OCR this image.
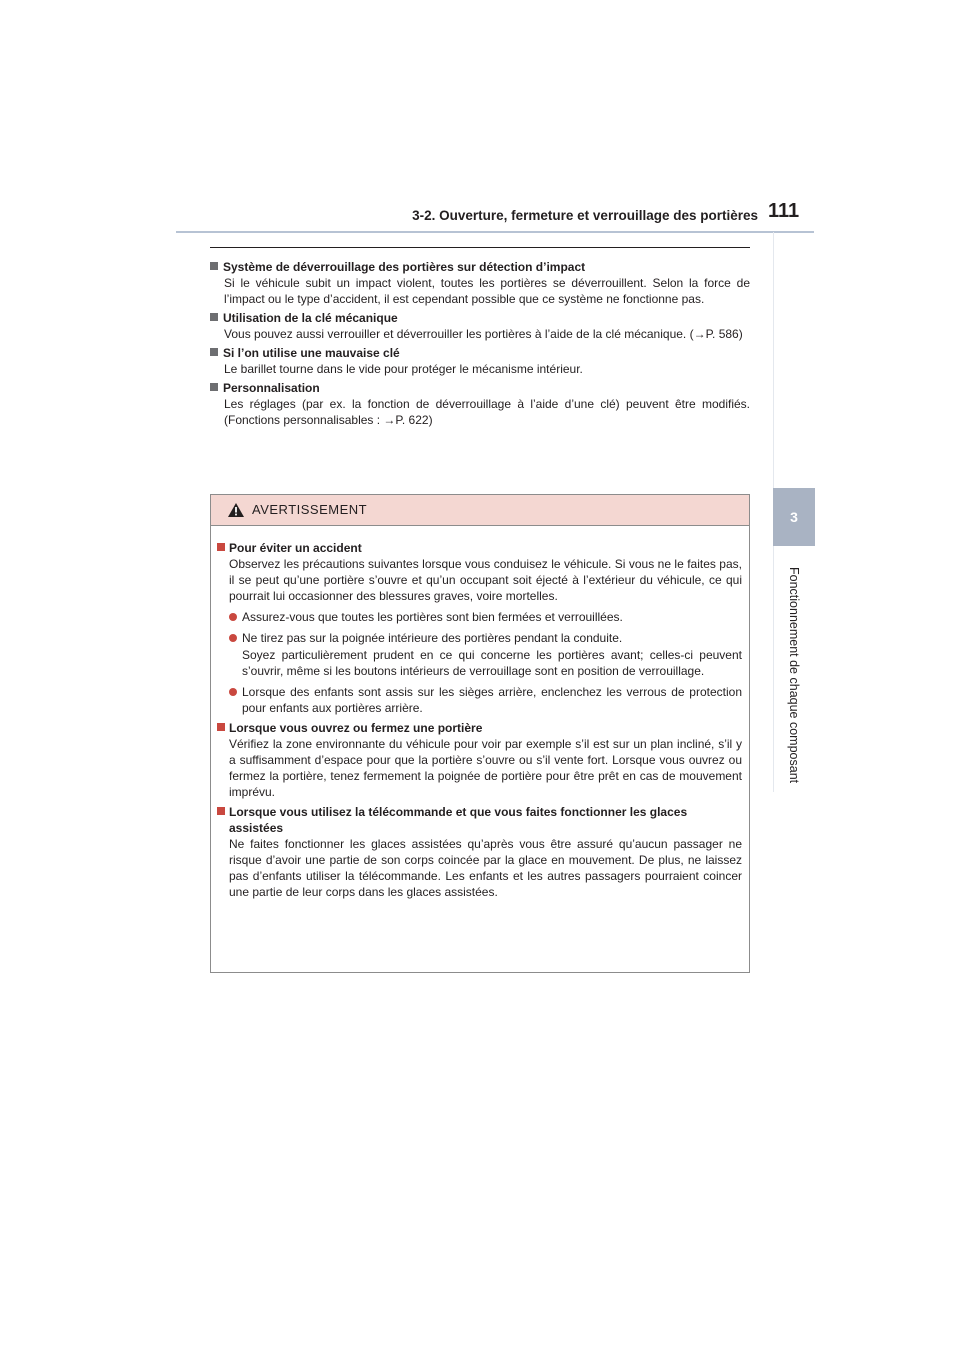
3-2. Ouverture, fermeture et verrouillage des portières 111
3
Fonctionnement de chaque composant
Système de déverrouillage des portières sur détection d’impact
Si le véhicule subit un impact violent, toutes les portières se déverrouillent. Selon la force de l’impact ou le type d’accident, il est cependant possible que ce système ne fonctionne pas.
Utilisation de la clé mécanique
Vous pouvez aussi verrouiller et déverrouiller les portières à l’aide de la clé mécanique. (→P. 586)
Si l’on utilise une mauvaise clé
Le barillet tourne dans le vide pour protéger le mécanisme intérieur.
Personnalisation
Les réglages (par ex. la fonction de déverrouillage à l’aide d’une clé) peuvent être modifiés. (Fonctions personnalisables : →P. 622)
AVERTISSEMENT
Pour éviter un accident
Observez les précautions suivantes lorsque vous conduisez le véhicule. Si vous ne le faites pas, il se peut qu’une portière s’ouvre et qu’un occupant soit éjecté à l’extérieur du véhicule, ce qui pourrait lui occasionner des blessures graves, voire mortelles.
Assurez-vous que toutes les portières sont bien fermées et verrouillées.
Ne tirez pas sur la poignée intérieure des portières pendant la conduite.
Soyez particulièrement prudent en ce qui concerne les portières avant; celles-ci peuvent s’ouvrir, même si les boutons intérieurs de verrouillage sont en position de verrouillage.
Lorsque des enfants sont assis sur les sièges arrière, enclenchez les verrous de protection pour enfants aux portières arrière.
Lorsque vous ouvrez ou fermez une portière
Vérifiez la zone environnante du véhicule pour voir par exemple s’il est sur un plan incliné, s’il y a suffisamment d’espace pour que la portière s’ouvre ou s’il vente fort. Lorsque vous ouvrez ou fermez la portière, tenez fermement la poignée de portière pour être prêt en cas de mouvement imprévu.
Lorsque vous utilisez la télécommande et que vous faites fonctionner les glaces assistées
Ne faites fonctionner les glaces assistées qu’après vous être assuré qu’aucun passager ne risque d’avoir une partie de son corps coincée par la glace en mouvement. De plus, ne laissez pas d’enfants utiliser la télécommande. Les enfants et les autres passagers pourraient coincer une partie de leur corps dans les glaces assistées.
